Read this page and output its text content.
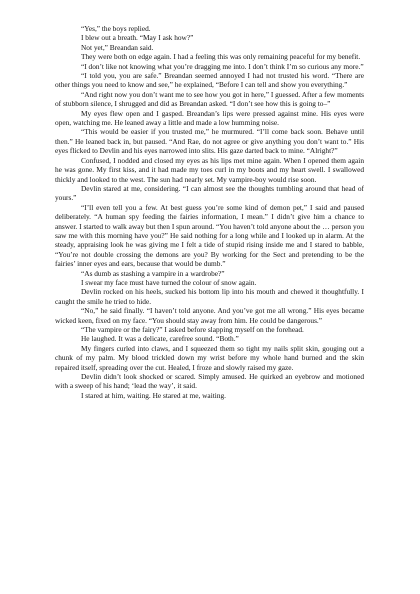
“Yes,” the boys replied.

I blew out a breath. “May I ask how?”

Not yet,” Breandan said.

They were both on edge again. I had a feeling this was only remaining peaceful for my benefit.

“I don’t like not knowing what you’re dragging me into. I don’t think I’m so curious any more.”

“I told you, you are safe.” Breandan seemed annoyed I had not trusted his word. “There are other things you need to know and see,” he explained, “Before I can tell and show you everything.”

“And right now you don’t want me to see how you got in here,” I guessed. After a few moments of stubborn silence, I shrugged and did as Breandan asked. “I don’t see how this is going to–”

My eyes flew open and I gasped. Breandan’s lips were pressed against mine. His eyes were open, watching me. He leaned away a little and made a low humming noise.

“This would be easier if you trusted me,” he murmured. “I’ll come back soon. Behave until then.” He leaned back in, but paused. “And Rae, do not agree or give anything you don’t want to.” His eyes flicked to Devlin and his eyes narrowed into slits. His gaze darted back to mine. “Alright?”

Confused, I nodded and closed my eyes as his lips met mine again. When I opened them again he was gone. My first kiss, and it had made my toes curl in my boots and my heart swell. I swallowed thickly and looked to the west. The sun had nearly set. My vampire-boy would rise soon.

Devlin stared at me, considering. “I can almost see the thoughts tumbling around that head of yours.”

“I’ll even tell you a few. At best guess you’re some kind of demon pet,” I said and paused deliberately. “A human spy feeding the fairies information, I mean.” I didn’t give him a chance to answer. I started to walk away but then I spun around. “You haven’t told anyone about the … person you saw me with this morning have you?” He said nothing for a long while and I looked up in alarm. At the steady, appraising look he was giving me I felt a tide of stupid rising inside me and I stared to babble, “You’re not double crossing the demons are you? By working for the Sect and pretending to be the fairies’ inner eyes and ears, because that would be dumb.”

“As dumb as stashing a vampire in a wardrobe?”

I swear my face must have turned the colour of snow again.

Devlin rocked on his heels, sucked his bottom lip into his mouth and chewed it thoughtfully. I caught the smile he tried to hide.

“No,” he said finally. “I haven’t told anyone. And you’ve got me all wrong.” His eyes became wicked keen, fixed on my face. “You should stay away from him. He could be dangerous.”

“The vampire or the fairy?” I asked before slapping myself on the forehead.

He laughed. It was a delicate, carefree sound. “Both.”

My fingers curled into claws, and I squeezed them so tight my nails split skin, gouging out a chunk of my palm. My blood trickled down my wrist before my whole hand burned and the skin repaired itself, spreading over the cut. Healed, I froze and slowly raised my gaze.

Devlin didn’t look shocked or scared. Simply amused. He quirked an eyebrow and motioned with a sweep of his hand; ‘lead the way’, it said.

I stared at him, waiting. He stared at me, waiting.
